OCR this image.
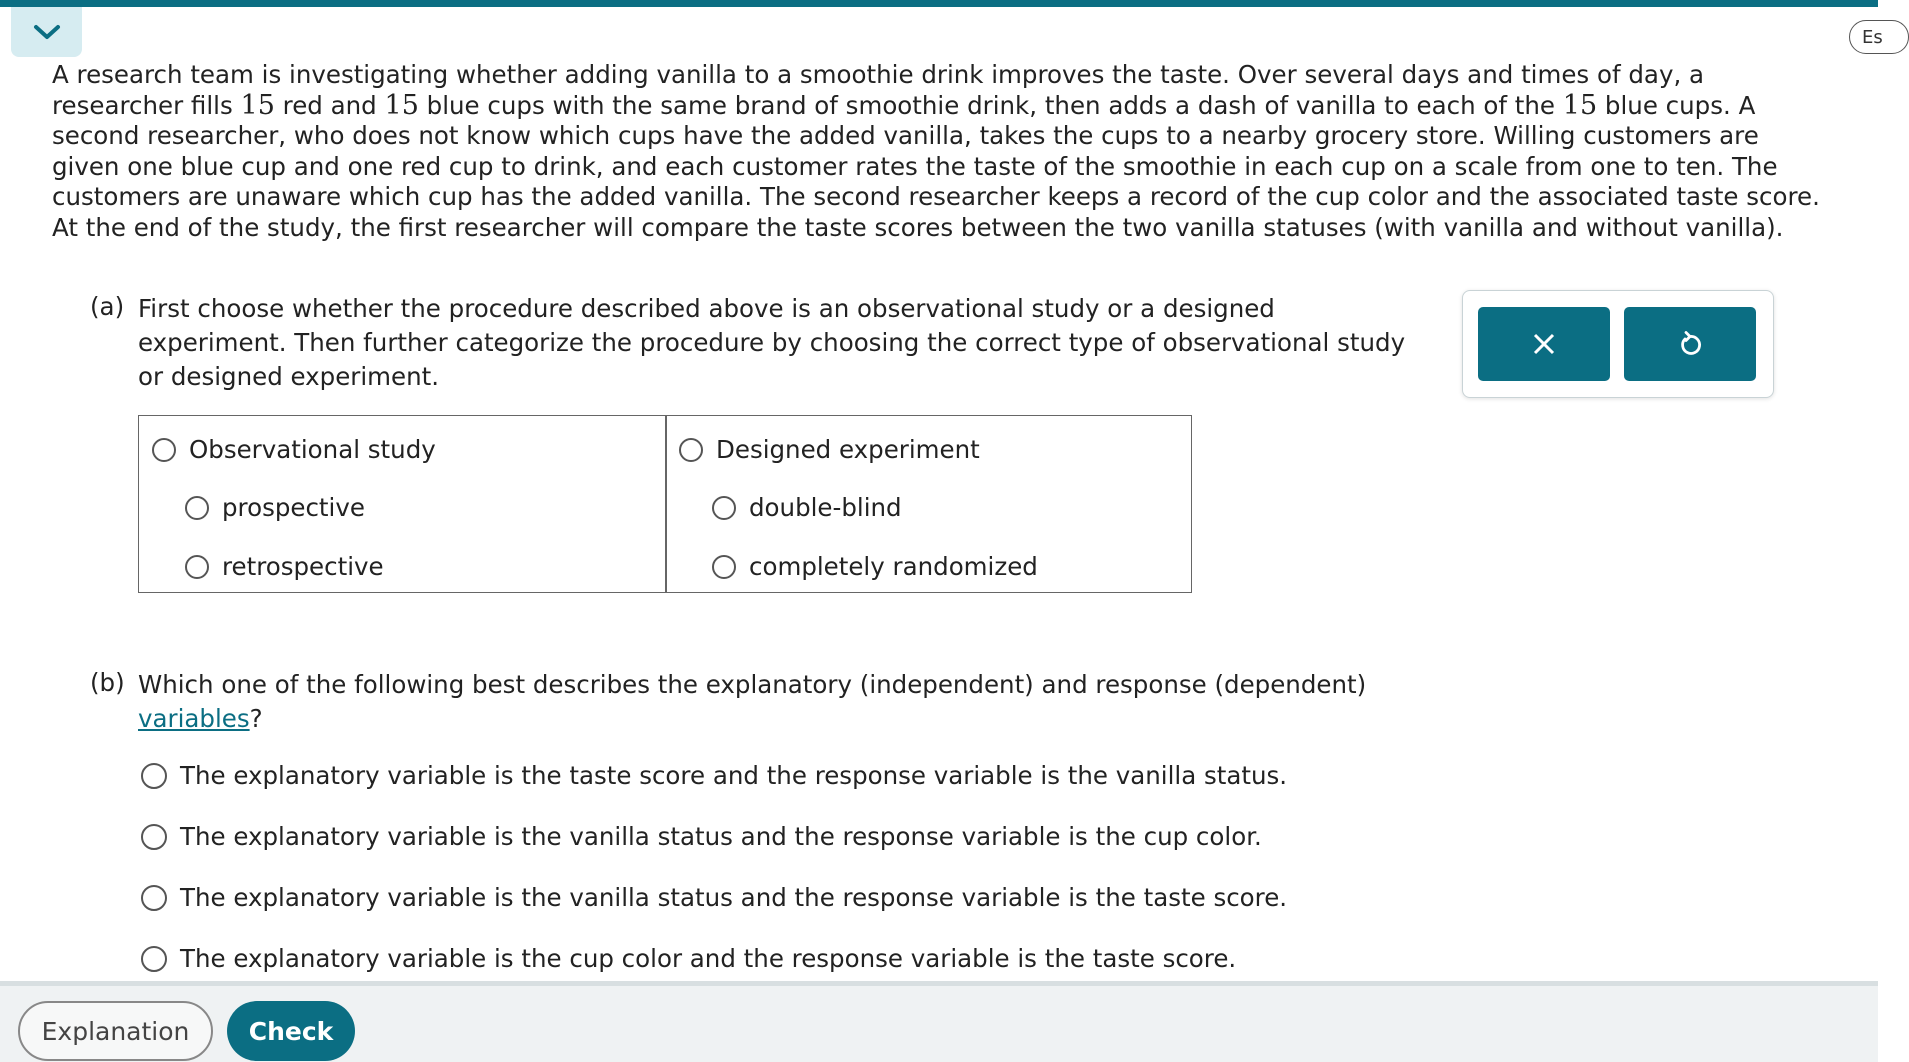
Es
A research team is investigating whether adding vanilla to a smoothie drink improves the taste. Over several days and times of day, a researcher fills 15 red and 15 blue cups with the same brand of smoothie drink, then adds a dash of vanilla to each of the 15 blue cups. A second researcher, who does not know which cups have the added vanilla, takes the cups to a nearby grocery store. Willing customers are given one blue cup and one red cup to drink, and each customer rates the taste of the smoothie in each cup on a scale from one to ten. The customers are unaware which cup has the added vanilla. The second researcher keeps a record of the cup color and the associated taste score. At the end of the study, the first researcher will compare the taste scores between the two vanilla statuses (with vanilla and without vanilla).
(a) First choose whether the procedure described above is an observational study or a designed experiment. Then further categorize the procedure by choosing the correct type of observational study or designed experiment.
Observational study
prospective
retrospective
Designed experiment
double-blind
completely randomized
(b) Which one of the following best describes the explanatory (independent) and response (dependent) variables?
The explanatory variable is the taste score and the response variable is the vanilla status.
The explanatory variable is the vanilla status and the response variable is the cup color.
The explanatory variable is the vanilla status and the response variable is the taste score.
The explanatory variable is the cup color and the response variable is the taste score.
Explanation	Check
